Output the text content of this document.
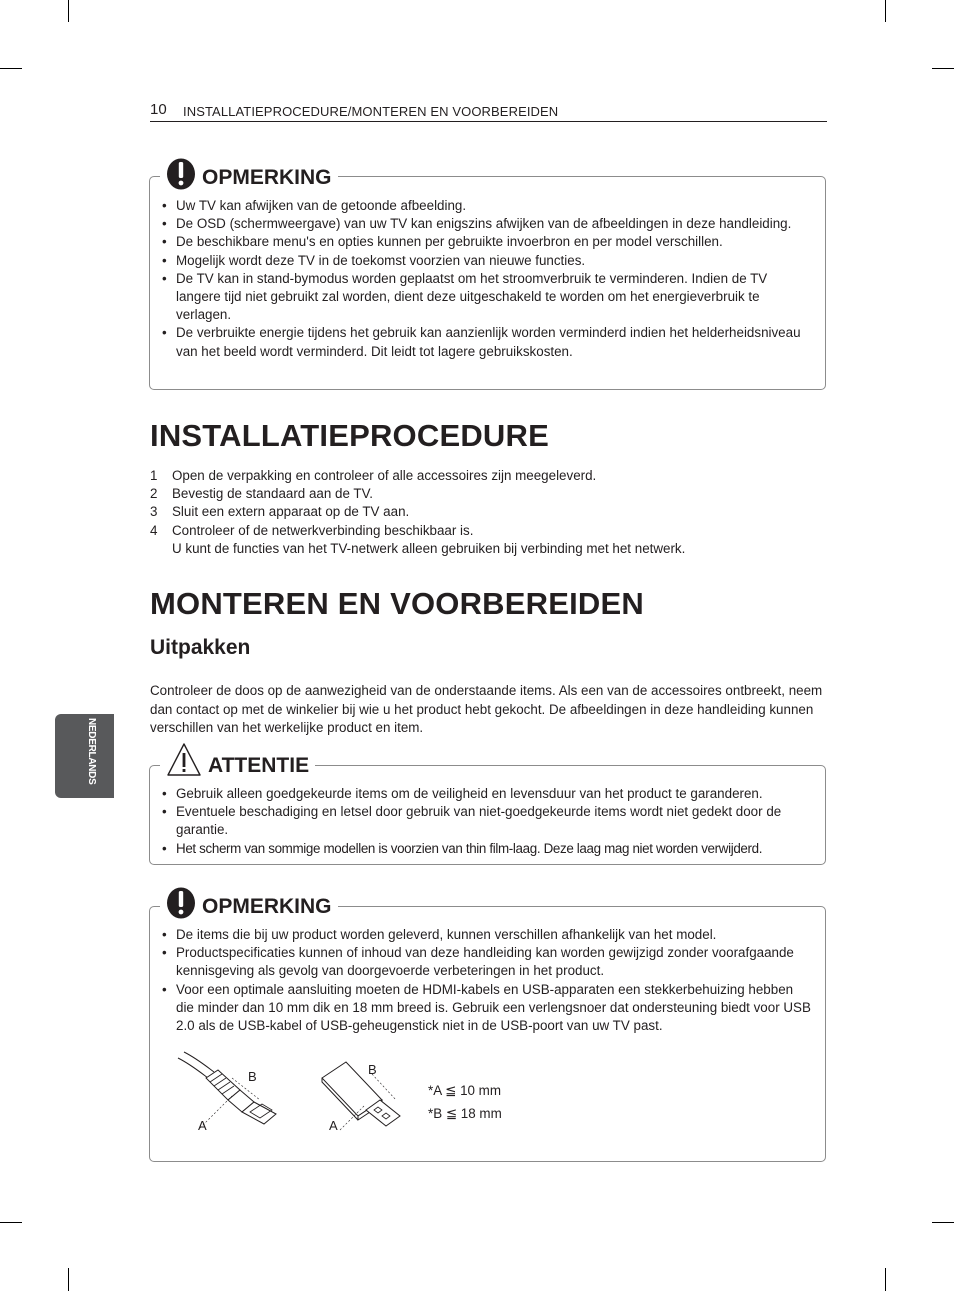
10 INSTALLATIEPROCEDURE/MONTEREN EN VOORBEREIDEN
OPMERKING
• Uw TV kan afwijken van de getoonde afbeelding.
• De OSD (schermweergave) van uw TV kan enigszins afwijken van de afbeeldingen in deze handleiding.
• De beschikbare menu's en opties kunnen per gebruikte invoerbron en per model verschillen.
• Mogelijk wordt deze TV in de toekomst voorzien van nieuwe functies.
• De TV kan in stand-bymodus worden geplaatst om het stroomverbruik te verminderen. Indien de TV langere tijd niet gebruikt zal worden, dient deze uitgeschakeld te worden om het energieverbruik te verlagen.
• De verbruikte energie tijdens het gebruik kan aanzienlijk worden verminderd indien het helderheidsniveau van het beeld wordt verminderd. Dit leidt tot lagere gebruikskosten.
INSTALLATIEPROCEDURE
1	Open de verpakking en controleer of alle accessoires zijn meegeleverd.
2	Bevestig de standaard aan de TV.
3	Sluit een extern apparaat op de TV aan.
4	Controleer of de netwerkverbinding beschikbaar is.
U kunt de functies van het TV-netwerk alleen gebruiken bij verbinding met het netwerk.
MONTEREN EN VOORBEREIDEN
Uitpakken

Controleer de doos op de aanwezigheid van de onderstaande items. Als een van de accessoires ontbreekt, neem dan contact op met de winkelier bij wie u het product hebt gekocht. De afbeeldingen in deze handleiding kunnen verschillen van het werkelijke product en item.

NEDERLANDS	ATTENTIE
• Gebruik alleen goedgekeurde items om de veiligheid en levensduur van het product te garanderen.
• Eventuele beschadiging en letsel door gebruik van niet-goedgekeurde items wordt niet gedekt door de garantie.
• Het scherm van sommige modellen is voorzien van thin film-laag. Deze laag mag niet worden verwijderd.
OPMERKING
• De items die bij uw product worden geleverd, kunnen verschillen afhankelijk van het model.
• Productspecificaties kunnen of inhoud van deze handleiding kan worden gewijzigd zonder voorafgaande kennisgeving als gevolg van doorgevoerde verbeteringen in het product.
• Voor een optimale aansluiting moeten de HDMI-kabels en USB-apparaten een stekkerbehuizing hebben die minder dan 10 mm dik en 18 mm breed is. Gebruik een verlengsnoer dat ondersteuning biedt voor USB 2.0 als de USB-kabel of USB-geheugenstick niet in de USB-poort van uw TV past.
B
A
B
A
*A ≦ 10 mm
*B ≦ 18 mm
